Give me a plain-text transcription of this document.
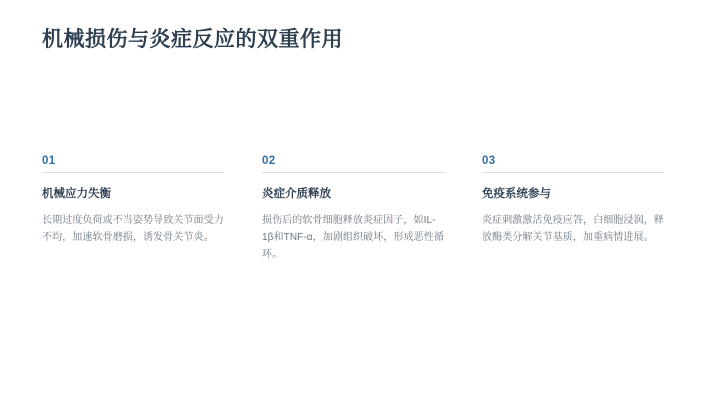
机械损伤与炎症反应的双重作用
01
机械应力失衡
长期过度负荷或不当姿势导致关节面受力不均，加速软骨磨损，诱发骨关节炎。
02
炎症介质释放
损伤后的软骨细胞释放炎症因子，如IL-1β和TNF-α，加剧组织破坏，形成恶性循环。
03
免疫系统参与
炎症刺激激活免疫应答，白细胞浸润，释放酶类分解关节基质，加重病情进展。
